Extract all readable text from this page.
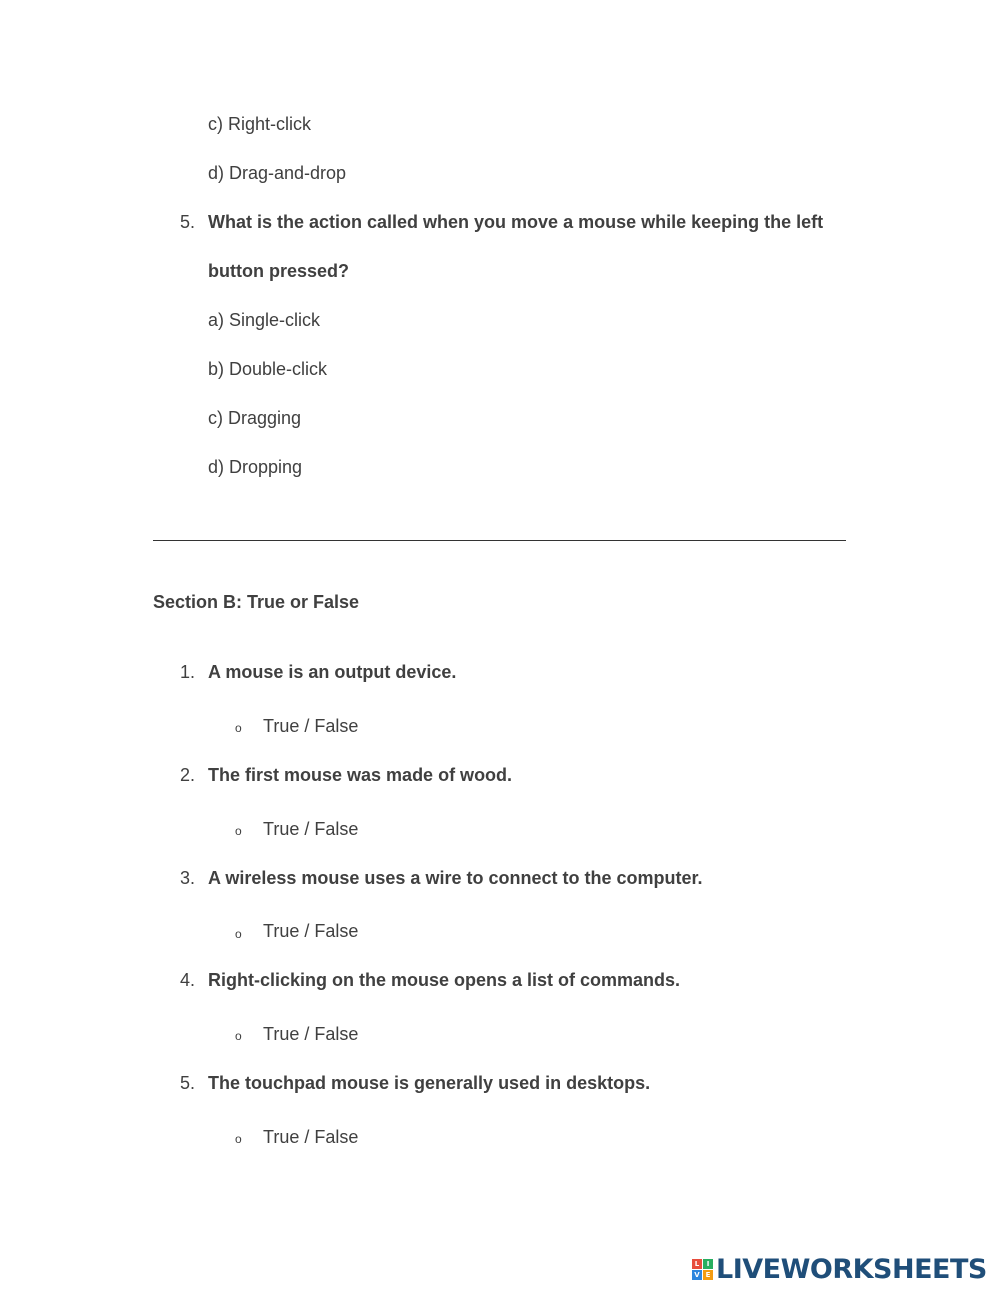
c) Right-click
d) Drag-and-drop
5. What is the action called when you move a mouse while keeping the left
button pressed?
a) Single-click
b) Double-click
c) Dragging
d) Dropping
Section B: True or False
1. A mouse is an output device.
o True / False
2. The first mouse was made of wood.
o True / False
3. A wireless mouse uses a wire to connect to the computer.
o True / False
4. Right-clicking on the mouse opens a list of commands.
o True / False
5. The touchpad mouse is generally used in desktops.
o True / False
L	I
V E LIVEWORKSHEETS
